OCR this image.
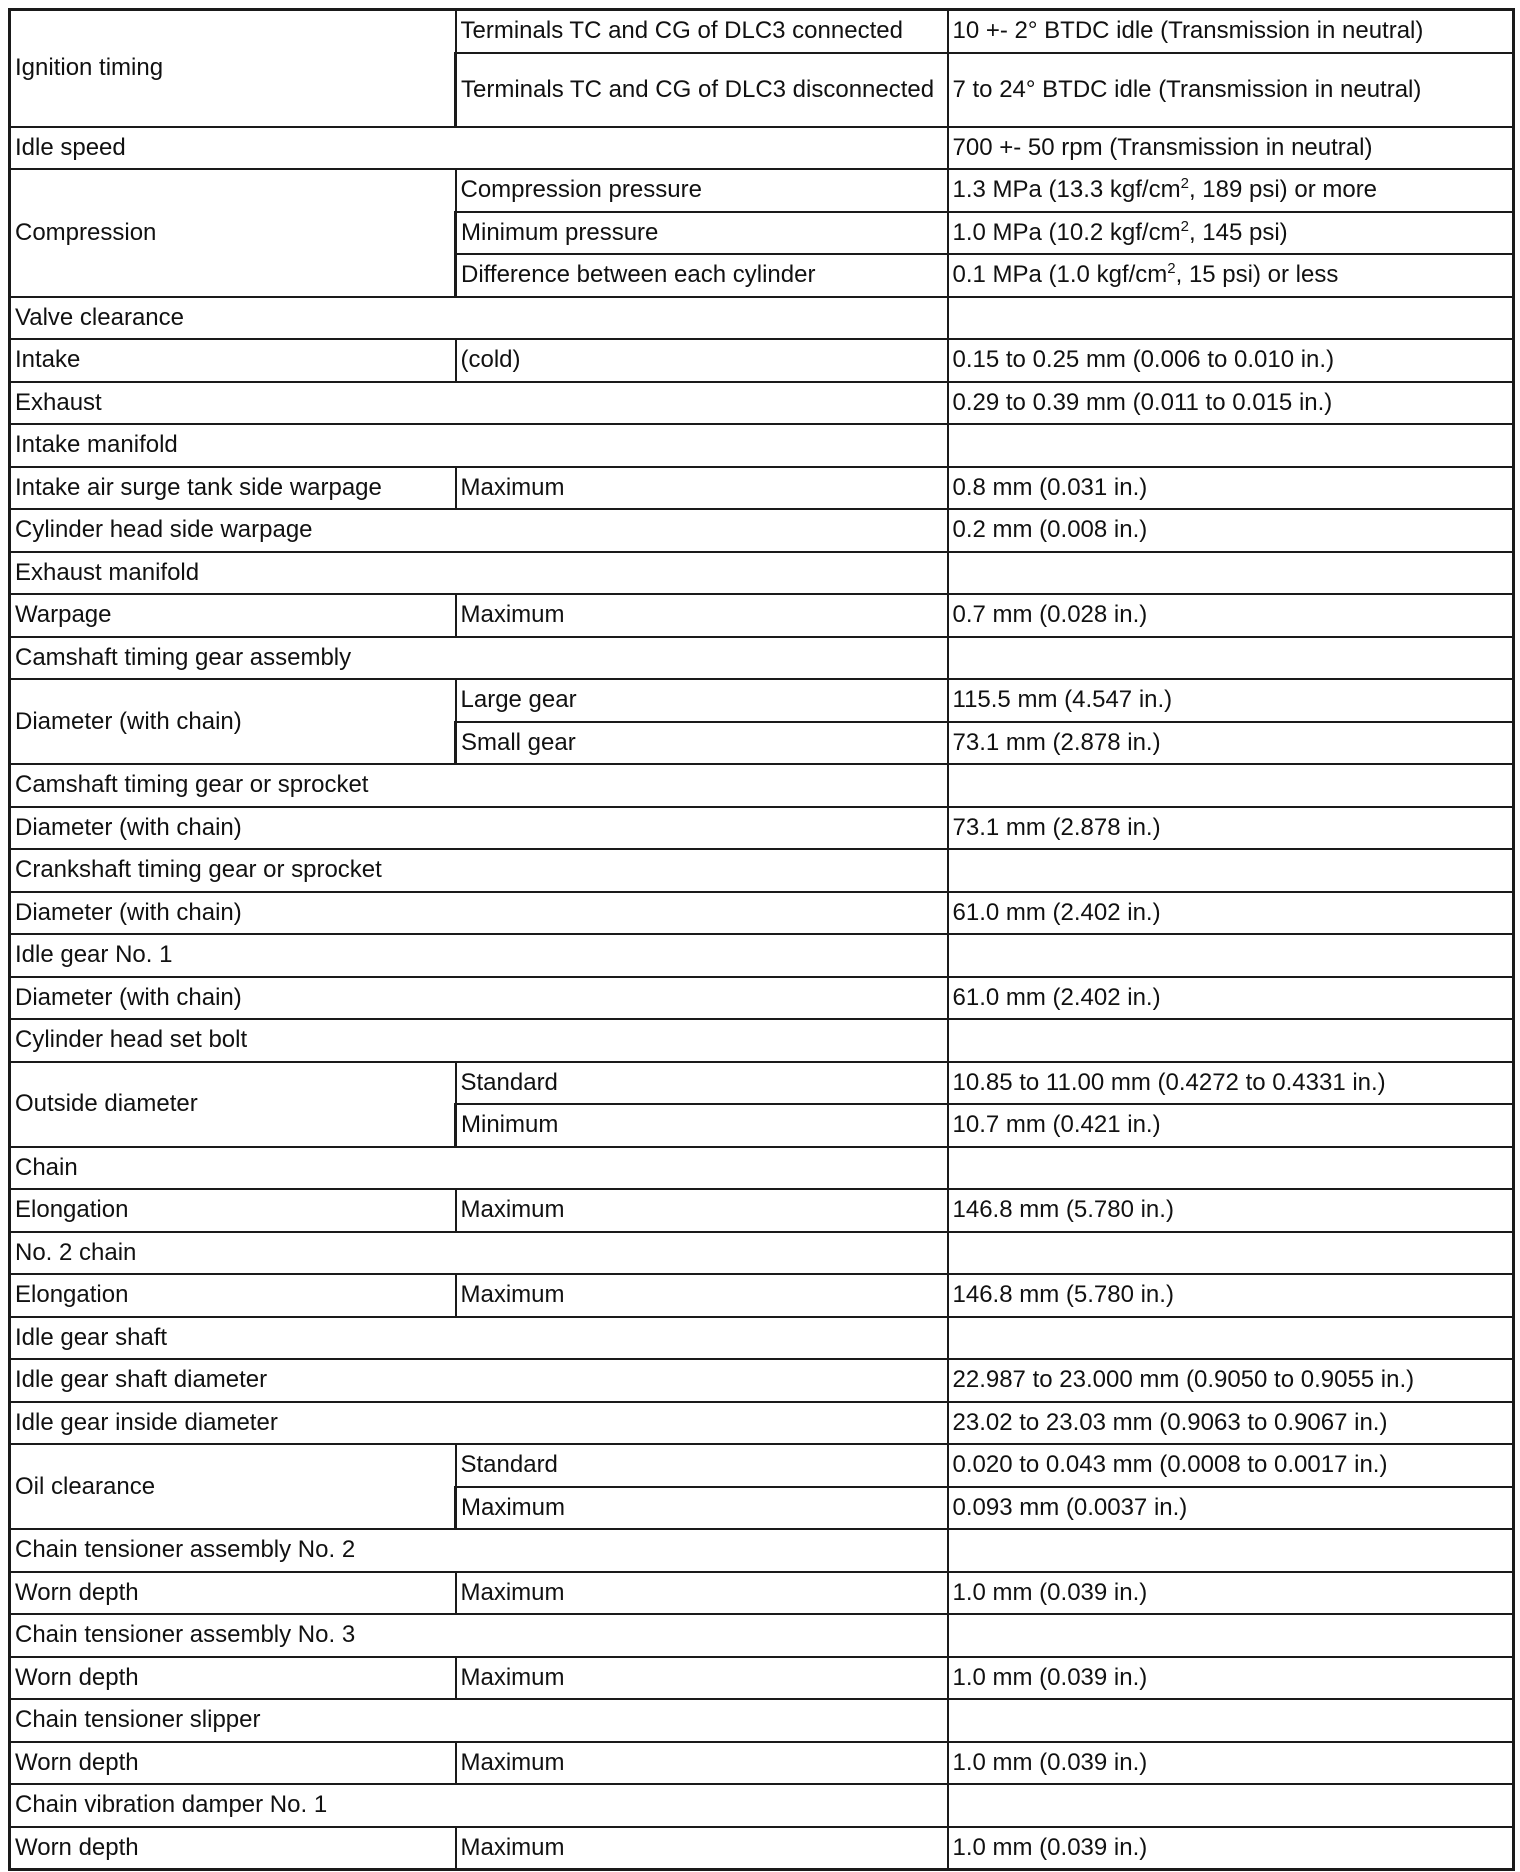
Ignition timing	Terminals TC and CG of DLC3 connected	10 +- 2° BTDC idle (Transmission in neutral)
	Terminals TC and CG of DLC3 disconnected	7 to 24° BTDC idle (Transmission in neutral)
Idle speed		700 +- 50 rpm (Transmission in neutral)
Compression	Compression pressure	1.3 MPa (13.3 kgf/$cm^2$, 189 psi) or more
	Minimum pressure	1.0 MPa (10.2 kgf/$cm^2$, 145 psi)
	Difference between each cylinder	0.1 MPa (1.0 kgf/$cm^2$, 15 psi) or less
Valve clearance		
Intake	(cold)	0.15 to 0.25 mm (0.006 to 0.010 in.)
Exhaust		0.29 to 0.39 mm (0.011 to 0.015 in.)
Intake manifold		
Intake air surge tank side warpage	Maximum	0.8 mm (0.031 in.)
Cylinder head side warpage		0.2 mm (0.008 in.)
Exhaust manifold		
Warpage	Maximum	0.7 mm (0.028 in.)
Camshaft timing gear assembly		
Diameter (with chain)	Large gear	115.5 mm (4.547 in.)
	Small gear	73.1 mm (2.878 in.)
Camshaft timing gear or sprocket		
Diameter (with chain)		73.1 mm (2.878 in.)
Crankshaft timing gear or sprocket		
Diameter (with chain)		61.0 mm (2.402 in.)
Idle gear No. 1		
Diameter (with chain)		61.0 mm (2.402 in.)
Cylinder head set bolt		
Outside diameter	Standard	10.85 to 11.00 mm (0.4272 to 0.4331 in.)
	Minimum	10.7 mm (0.421 in.)
Chain		
Elongation	Maximum	146.8 mm (5.780 in.)
No. 2 chain		
Elongation	Maximum	146.8 mm (5.780 in.)
Idle gear shaft		
Idle gear shaft diameter		22.987 to 23.000 mm (0.9050 to 0.9055 in.)
Idle gear inside diameter		23.02 to 23.03 mm (0.9063 to 0.9067 in.)
Oil clearance	Standard	0.020 to 0.043 mm (0.0008 to 0.0017 in.)
	Maximum	0.093 mm (0.0037 in.)
Chain tensioner assembly No. 2		
Worn depth	Maximum	1.0 mm (0.039 in.)
Chain tensioner assembly No. 3		
Worn depth	Maximum	1.0 mm (0.039 in.)
Chain tensioner slipper		
Worn depth	Maximum	1.0 mm (0.039 in.)
Chain vibration damper No. 1		
Worn depth	Maximum	1.0 mm (0.039 in.)
